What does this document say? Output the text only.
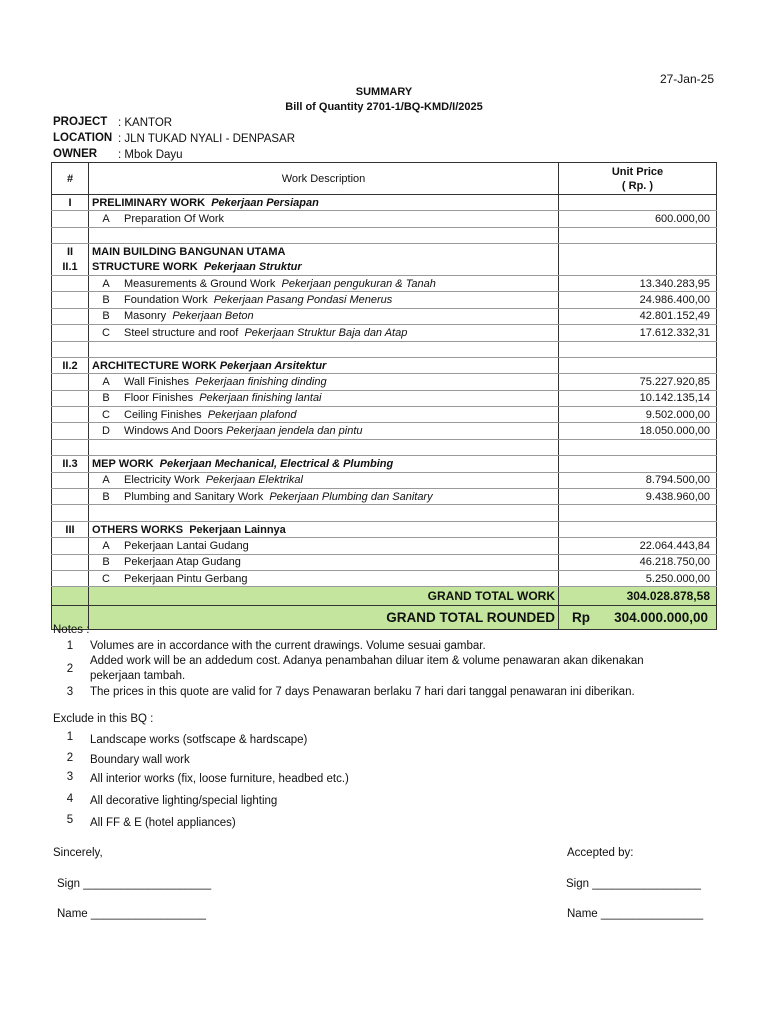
27-Jan-25
SUMMARY
Bill of Quantity 2701-1/BQ-KMD/I/2025
PROJECT : KANTOR
LOCATION : JLN TUKAD NYALI - DENPASAR
OWNER : Mbok Dayu
#	Work Description	Unit Price
( Rp. )
I	PRELIMINARY WORK Pekerjaan Persiapan	
	A Preparation Of Work	600.000,00

II	MAIN BUILDING BANGUNAN UTAMA	
II.1	STRUCTURE WORK Pekerjaan Struktur	
	A Measurements & Ground Work Pekerjaan pengukuran & Tanah	13.340.283,95
	B Foundation Work Pekerjaan Pasang Pondasi Menerus	24.986.400,00
	B Masonry Pekerjaan Beton	42.801.152,49
	C Steel structure and roof Pekerjaan Struktur Baja dan Atap	17.612.332,31

II.2	ARCHITECTURE WORK Pekerjaan Arsitektur	
	A Wall Finishes Pekerjaan finishing dinding	75.227.920,85
	B Floor Finishes Pekerjaan finishing lantai	10.142.135,14
	C Ceiling Finishes Pekerjaan plafond	9.502.000,00
	D Windows And Doors Pekerjaan jendela dan pintu	18.050.000,00

II.3	MEP WORK Pekerjaan Mechanical, Electrical & Plumbing	
	A Electricity Work Pekerjaan Elektrikal	8.794.500,00
	B Plumbing and Sanitary Work Pekerjaan Plumbing dan Sanitary	9.438.960,00

III	OTHERS WORKS Pekerjaan Lainnya	
	A Pekerjaan Lantai Gudang	22.064.443,84
	B Pekerjaan Atap Gudang	46.218.750,00
	C Pekerjaan Pintu Gerbang	5.250.000,00
	GRAND TOTAL WORK	304.028.878,58
	GRAND TOTAL ROUNDED	Rp 304.000.000,00
Notes :
1	Volumes are in accordance with the current drawings. Volume sesuai gambar.
2
Added work will be an addedum cost. Adanya penambahan diluar item & volume penawaran akan dikenakan
pekerjaan tambah.
3	The prices in this quote are valid for 7 days Penawaran berlaku 7 hari dari tanggal penawaran ini diberikan.
Exclude in this BQ :
1	Landscape works (sotfscape & hardscape)
2	Boundary wall work
3	All interior works (fix, loose furniture, headbed etc.)
4	All decorative lighting/special lighting
5	All FF & E (hotel appliances)
Sincerely,	Accepted by:
Sign ____________________	Sign _________________
Name __________________	Name ________________
